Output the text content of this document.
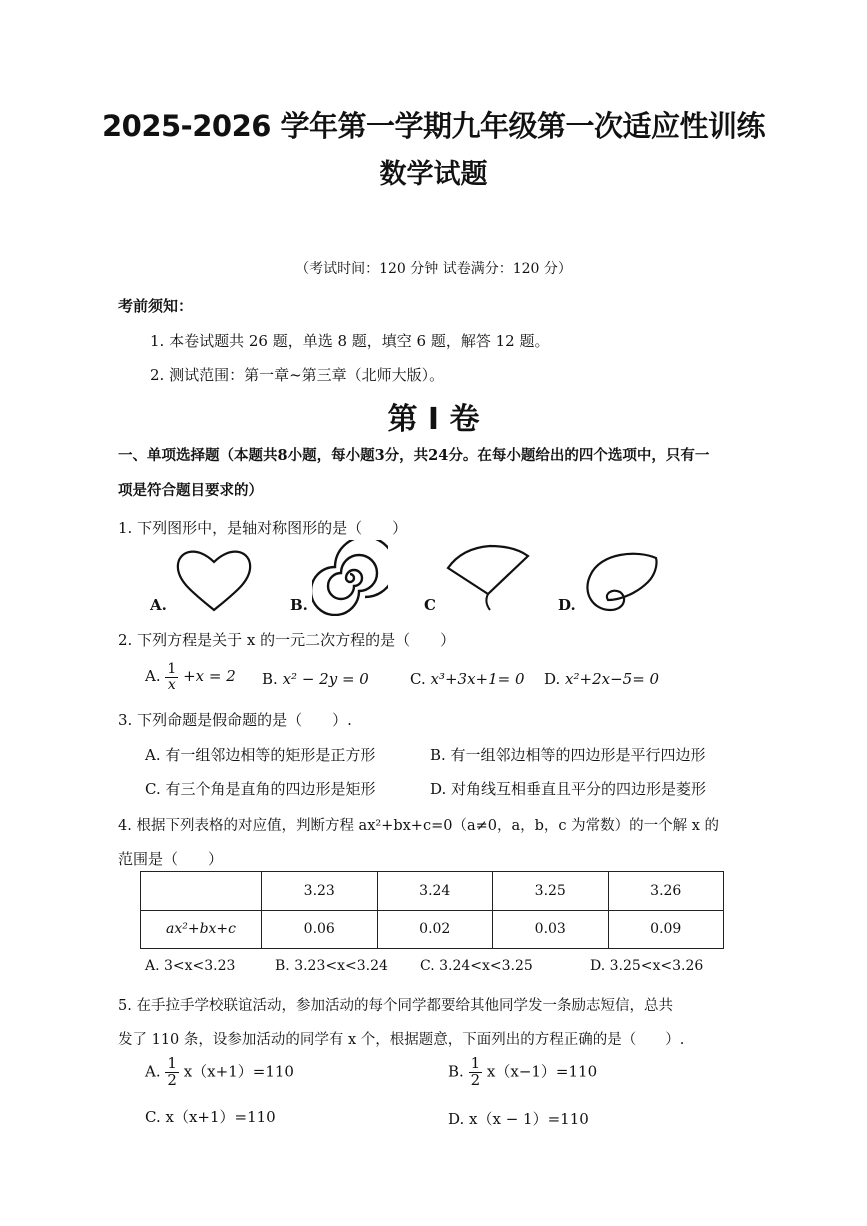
2025-2026 学年第一学期九年级第一次适应性训练
数学试题
（考试时间：120 分钟 试卷满分：120 分）
考前须知：
1. 本卷试题共 26 题，单选 8 题，填空 6 题，解答 12 题。
2. 测试范围：第一章~第三章（北师大版）。
第 I 卷
一、单项选择题（本题共8小题，每小题3分，共24分。在每小题给出的四个选项中，只有一
项是符合题目要求的）
1. 下列图形中，是轴对称图形的是（　　）
A.	B.	C	D.
2. 下列方程是关于 x 的一元二次方程的是（　　）
A. $\frac{1}{x} +x = 2$ B. x² − 2y = 0	C. x³+3x+1= 0 D. x²+2x−5= 0
3. 下列命题是假命题的是（　　）.
A. 有一组邻边相等的矩形是正方形	B. 有一组邻边相等的四边形是平行四边形
C. 有三个角是直角的四边形是矩形	D. 对角线互相垂直且平分的四边形是菱形
4. 根据下列表格的对应值，判断方程 ax²+bx+c=0（a≠0，a，b，c 为常数）的一个解 x 的
范围是（　　）
	3.23	3.24	3.25	3.26
ax²+bx+c	0.06	0.02	0.03	0.09
A. 3<x<3.23	B. 3.23<x<3.24 C. 3.24<x<3.25	D. 3.25<x<3.26
5. 在手拉手学校联谊活动，参加活动的每个同学都要给其他同学发一条励志短信，总共
发了 110 条，设参加活动的同学有 x 个，根据题意，下面列出的方程正确的是（　　）.
A. $\frac{1}{2} x(x+1)=110$	B. $\frac{1}{2} x(x-1)=110$
C. x（x+1）=110	D. x（x − 1）=110
